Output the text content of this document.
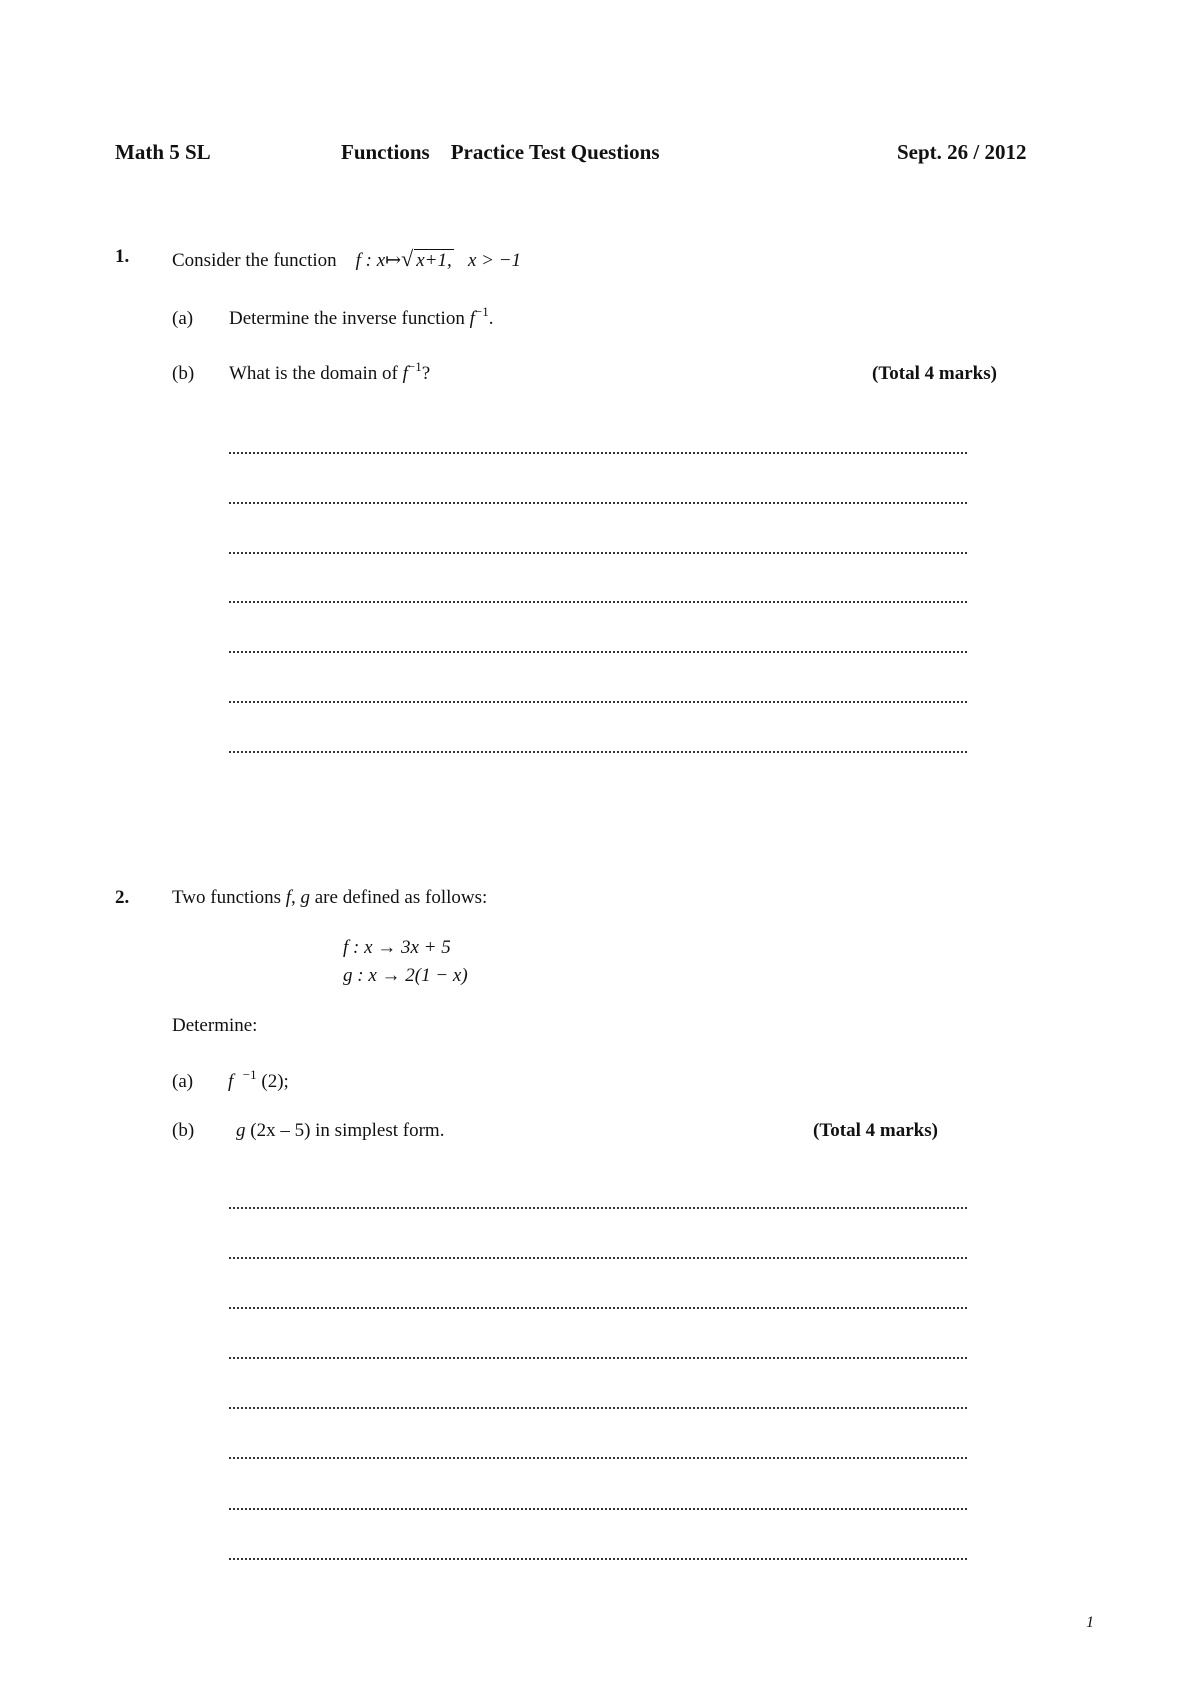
Math 5 SL	Functions Practice Test Questions	Sept. 26 / 2012
1. Consider the function f : x↦√ x+1, x > −1
(a) Determine the inverse function $f^{-1}$.
(b) What is the domain of $f^{-1}$?	(Total 4 marks)
2. Two functions f, g are defined as follows:
f : x → 3x + 5
g : x → 2(1 − x)
Determine:
(a) f $^{-1}$ (2);
(b) g (2x – 5) in simplest form.	(Total 4 marks)
1
